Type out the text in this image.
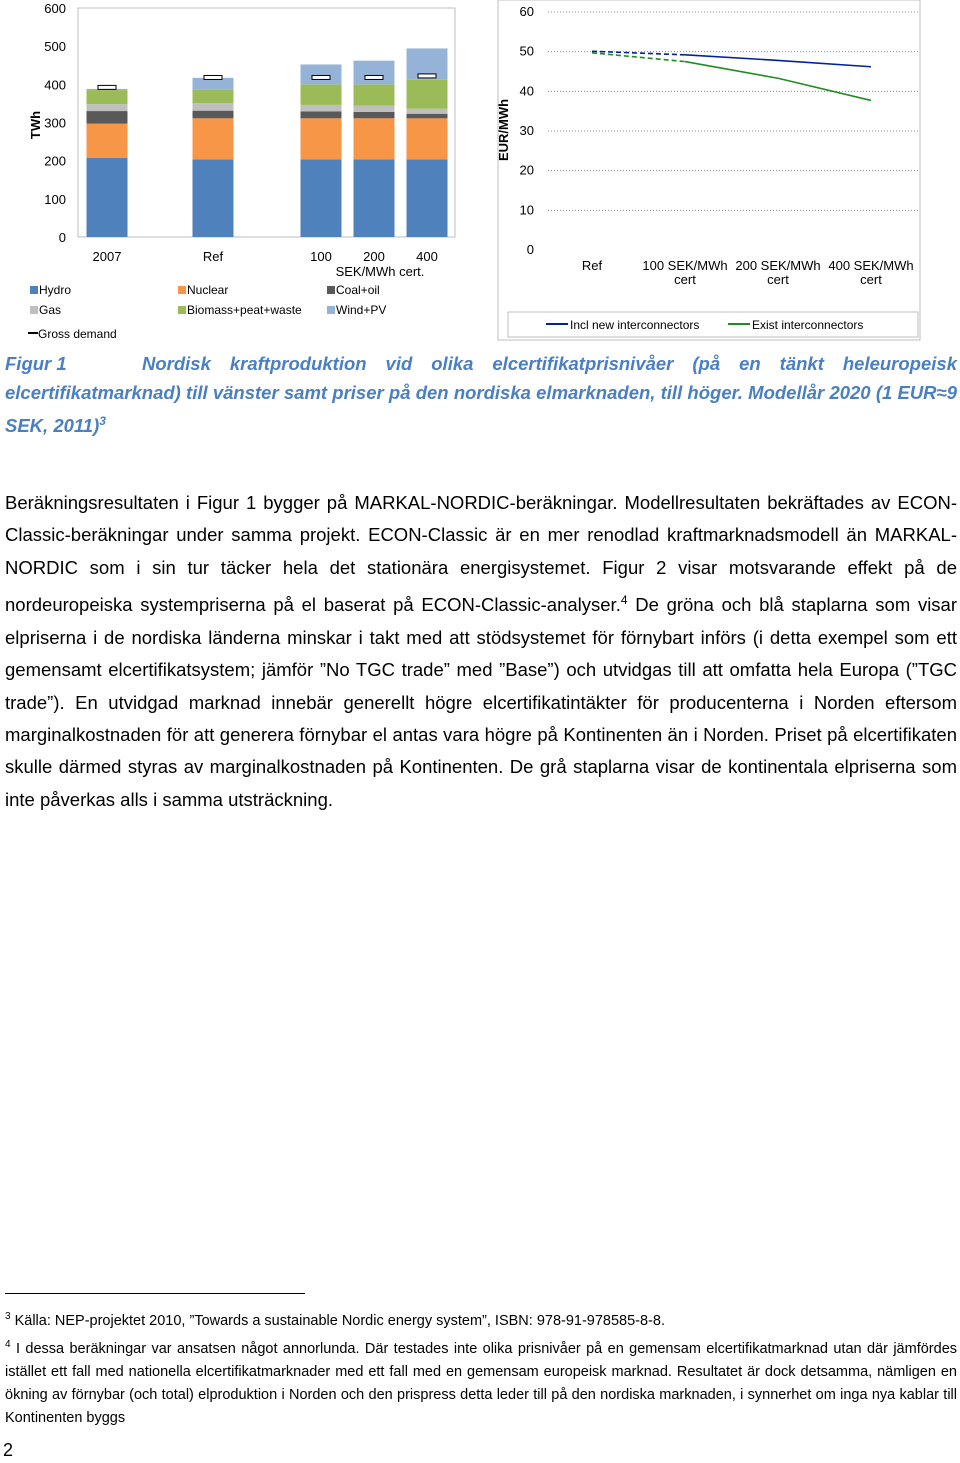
0
100
200
300
400
500
600
TWh
2007	Ref	100 200 400
SEK/MWh cert.
Hydro	Nuclear	Coal+oil
Gas	Biomass+peat+waste	Wind+PV
Gross demand
0
10
20
30
40
50
60
EUR/MWh
Ref	100 SEK/MWh cert
200 SEK/MWh cert
400 SEK/MWh cert
Incl new interconnectors	Exist interconnectors
Figur 1	Nordisk kraftproduktion vid olika elcertifikatprisnivåer (på en tänkt heleuropeisk elcertifikatmarknad) till vänster samt priser på den nordiska elmarknaden, till höger. Modellår 2020 (1 EUR≈9 SEK, 2011)$^3$

Beräkningsresultaten i Figur 1 bygger på MARKAL-NORDIC-beräkningar. Modellresultaten bekräftades av ECON-Classic-beräkningar under samma projekt. ECON-Classic är en mer renodlad kraftmarknadsmodell än MARKAL-NORDIC som i sin tur täcker hela det stationära energisystemet. Figur 2 visar motsvarande effekt på de nordeuropeiska systempriserna på el baserat på ECON-Classic-analyser.$^4$ De gröna och blå staplarna som visar elpriserna i de nordiska länderna minskar i takt med att stödsystemet för förnybart införs (i detta exempel som ett gemensamt elcertifikatsystem; jämför ”No TGC trade” med ”Base”) och utvidgas till att omfatta hela Europa (”TGC trade”). En utvidgad marknad innebär generellt högre elcertifikatintäkter för producenterna i Norden eftersom marginalkostnaden för att generera förnybar el antas vara högre på Kontinenten än i Norden. Priset på elcertifikaten skulle därmed styras av marginalkostnaden på Kontinenten. De grå staplarna visar de kontinentala elpriserna som inte påverkas alls i samma utsträckning.

$^3$ Källa: NEP-projektet 2010, ”Towards a sustainable Nordic energy system”, ISBN: 978-91-978585-8-8.

$^4$ I dessa beräkningar var ansatsen något annorlunda. Där testades inte olika prisnivåer på en gemensam elcertifikatmarknad utan där jämfördes istället ett fall med nationella elcertifikatmarknader med ett fall med en gemensam europeisk marknad. Resultatet är dock detsamma, nämligen en ökning av förnybar (och total) elproduktion i Norden och den prispress detta leder till på den nordiska marknaden, i synnerhet om inga nya kablar till Kontinenten byggs

2
